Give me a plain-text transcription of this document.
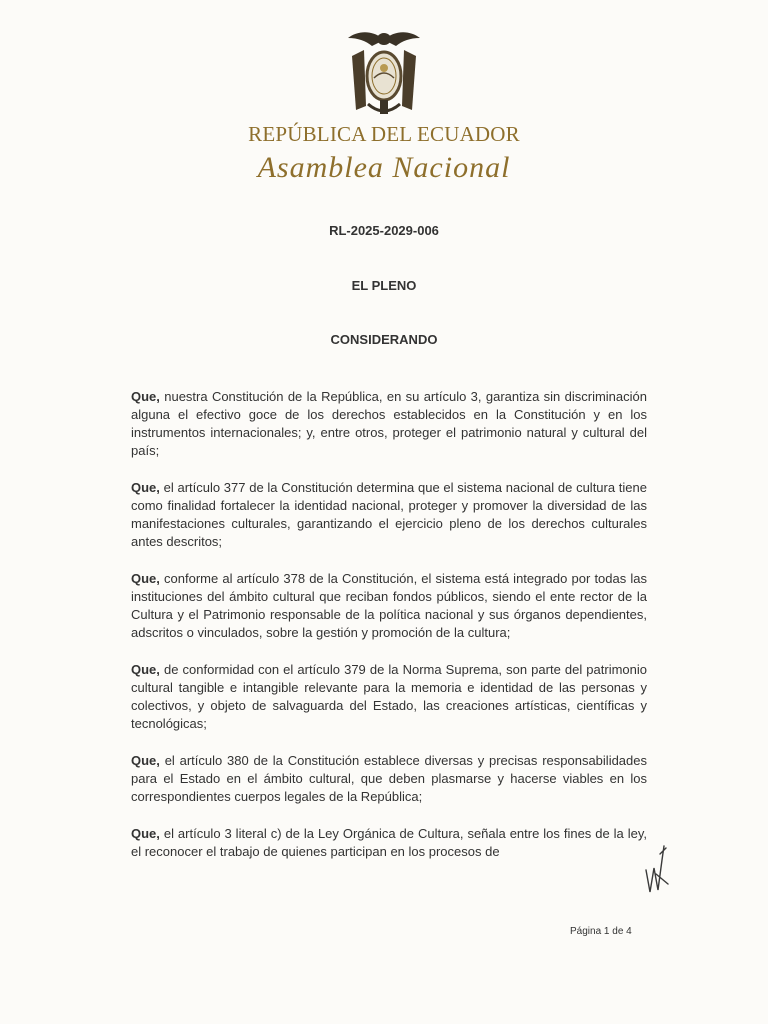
REPÚBLICA DEL ECUADOR
Asamblea Nacional
RL-2025-2029-006
EL PLENO
CONSIDERANDO

Que, nuestra Constitución de la República, en su artículo 3, garantiza sin discriminación alguna el efectivo goce de los derechos establecidos en la Constitución y en los instrumentos internacionales; y, entre otros, proteger el patrimonio natural y cultural del país;

Que, el artículo 377 de la Constitución determina que el sistema nacional de cultura tiene como finalidad fortalecer la identidad nacional, proteger y promover la diversidad de las manifestaciones culturales, garantizando el ejercicio pleno de los derechos culturales antes descritos;

Que, conforme al artículo 378 de la Constitución, el sistema está integrado por todas las instituciones del ámbito cultural que reciban fondos públicos, siendo el ente rector de la Cultura y el Patrimonio responsable de la política nacional y sus órganos dependientes, adscritos o vinculados, sobre la gestión y promoción de la cultura;

Que, de conformidad con el artículo 379 de la Norma Suprema, son parte del patrimonio cultural tangible e intangible relevante para la memoria e identidad de las personas y colectivos, y objeto de salvaguarda del Estado, las creaciones artísticas, científicas y tecnológicas;

Que, el artículo 380 de la Constitución establece diversas y precisas responsabilidades para el Estado en el ámbito cultural, que deben plasmarse y hacerse viables en los correspondientes cuerpos legales de la República;

Que, el artículo 3 literal c) de la Ley Orgánica de Cultura, señala entre los fines de la ley, el reconocer el trabajo de quienes participan en los procesos de

Página 1 de 4
